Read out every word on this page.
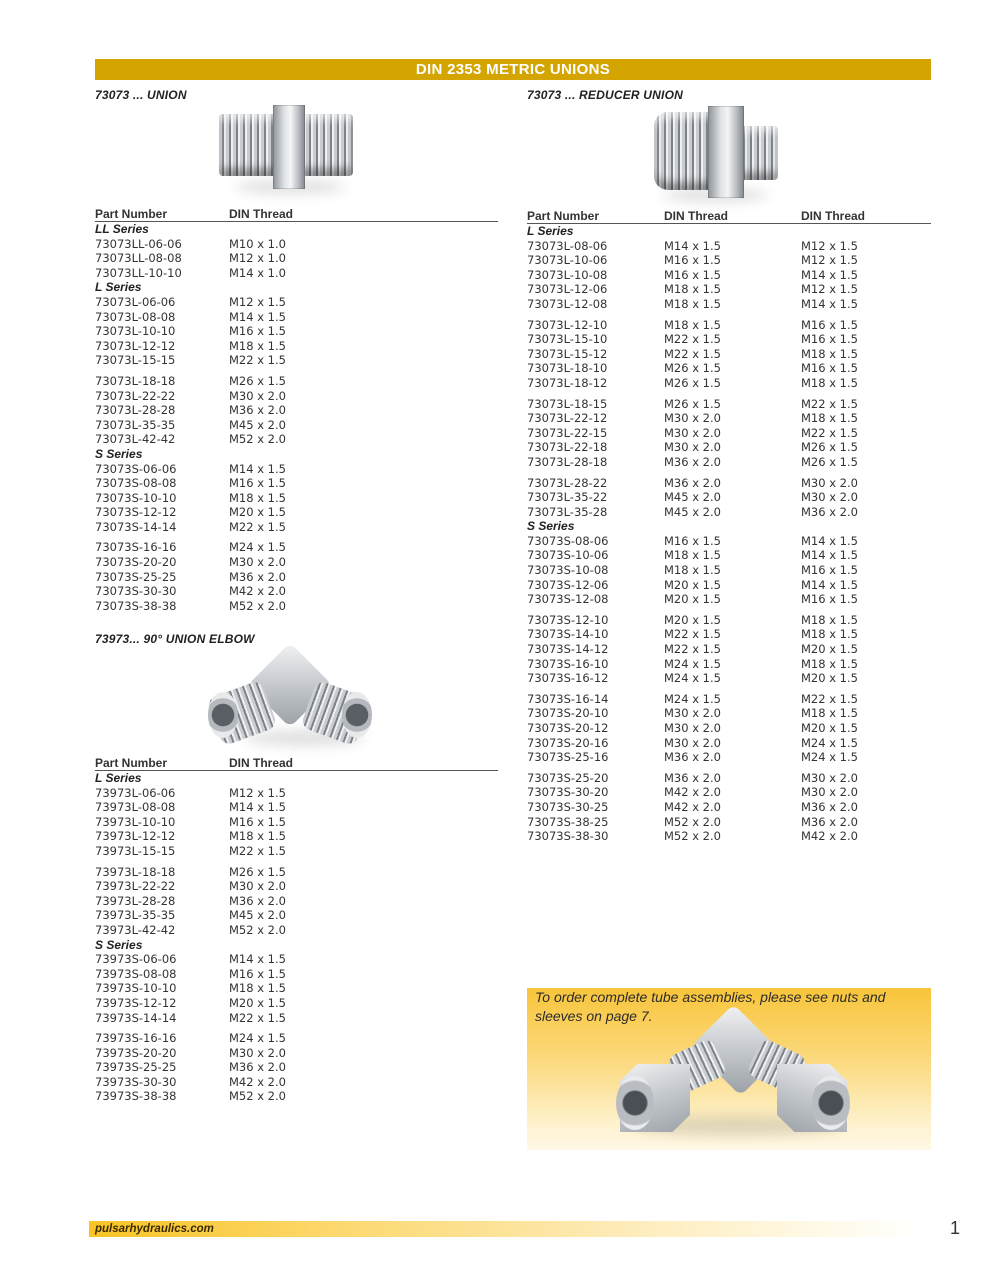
DIN 2353 METRIC UNIONS
73073 ... UNION
Part Number	DIN Thread
LL Series
73073LL-06-06	M10 x 1.0
73073LL-08-08	M12 x 1.0
73073LL-10-10	M14 x 1.0
L Series
73073L-06-06	M12 x 1.5
73073L-08-08	M14 x 1.5
73073L-10-10	M16 x 1.5
73073L-12-12	M18 x 1.5
73073L-15-15	M22 x 1.5
73073L-18-18	M26 x 1.5
73073L-22-22	M30 x 2.0
73073L-28-28	M36 x 2.0
73073L-35-35	M45 x 2.0
73073L-42-42	M52 x 2.0
S Series
73073S-06-06	M14 x 1.5
73073S-08-08	M16 x 1.5
73073S-10-10	M18 x 1.5
73073S-12-12	M20 x 1.5
73073S-14-14	M22 x 1.5
73073S-16-16	M24 x 1.5
73073S-20-20	M30 x 2.0
73073S-25-25	M36 x 2.0
73073S-30-30	M42 x 2.0
73073S-38-38	M52 x 2.0
73973... 90° UNION ELBOW
Part Number	DIN Thread
L Series
73973L-06-06	M12 x 1.5
73973L-08-08	M14 x 1.5
73973L-10-10	M16 x 1.5
73973L-12-12	M18 x 1.5
73973L-15-15	M22 x 1.5
73973L-18-18	M26 x 1.5
73973L-22-22	M30 x 2.0
73973L-28-28	M36 x 2.0
73973L-35-35	M45 x 2.0
73973L-42-42	M52 x 2.0
S Series
73973S-06-06	M14 x 1.5
73973S-08-08	M16 x 1.5
73973S-10-10	M18 x 1.5
73973S-12-12	M20 x 1.5
73973S-14-14	M22 x 1.5
73973S-16-16	M24 x 1.5
73973S-20-20	M30 x 2.0
73973S-25-25	M36 x 2.0
73973S-30-30	M42 x 2.0
73973S-38-38	M52 x 2.0
73073 ... REDUCER UNION
Part Number	DIN Thread	DIN Thread
L Series
73073L-08-06	M14 x 1.5	M12 x 1.5
73073L-10-06	M16 x 1.5	M12 x 1.5
73073L-10-08	M16 x 1.5	M14 x 1.5
73073L-12-06	M18 x 1.5	M12 x 1.5
73073L-12-08	M18 x 1.5	M14 x 1.5
73073L-12-10	M18 x 1.5	M16 x 1.5
73073L-15-10	M22 x 1.5	M16 x 1.5
73073L-15-12	M22 x 1.5	M18 x 1.5
73073L-18-10	M26 x 1.5	M16 x 1.5
73073L-18-12	M26 x 1.5	M18 x 1.5
73073L-18-15	M26 x 1.5	M22 x 1.5
73073L-22-12	M30 x 2.0	M18 x 1.5
73073L-22-15	M30 x 2.0	M22 x 1.5
73073L-22-18	M30 x 2.0	M26 x 1.5
73073L-28-18	M36 x 2.0	M26 x 1.5
73073L-28-22	M36 x 2.0	M30 x 2.0
73073L-35-22	M45 x 2.0	M30 x 2.0
73073L-35-28	M45 x 2.0	M36 x 2.0
S Series
73073S-08-06	M16 x 1.5	M14 x 1.5
73073S-10-06	M18 x 1.5	M14 x 1.5
73073S-10-08	M18 x 1.5	M16 x 1.5
73073S-12-06	M20 x 1.5	M14 x 1.5
73073S-12-08	M20 x 1.5	M16 x 1.5
73073S-12-10	M20 x 1.5	M18 x 1.5
73073S-14-10	M22 x 1.5	M18 x 1.5
73073S-14-12	M22 x 1.5	M20 x 1.5
73073S-16-10	M24 x 1.5	M18 x 1.5
73073S-16-12	M24 x 1.5	M20 x 1.5
73073S-16-14	M24 x 1.5	M22 x 1.5
73073S-20-10	M30 x 2.0	M18 x 1.5
73073S-20-12	M30 x 2.0	M20 x 1.5
73073S-20-16	M30 x 2.0	M24 x 1.5
73073S-25-16	M36 x 2.0	M24 x 1.5
73073S-25-20	M36 x 2.0	M30 x 2.0
73073S-30-20	M42 x 2.0	M30 x 2.0
73073S-30-25	M42 x 2.0	M36 x 2.0
73073S-38-25	M52 x 2.0	M36 x 2.0
73073S-38-30	M52 x 2.0	M42 x 2.0
To order complete tube assemblies, please see nuts and sleeves on page 7.
pulsarhydraulics.com	1
